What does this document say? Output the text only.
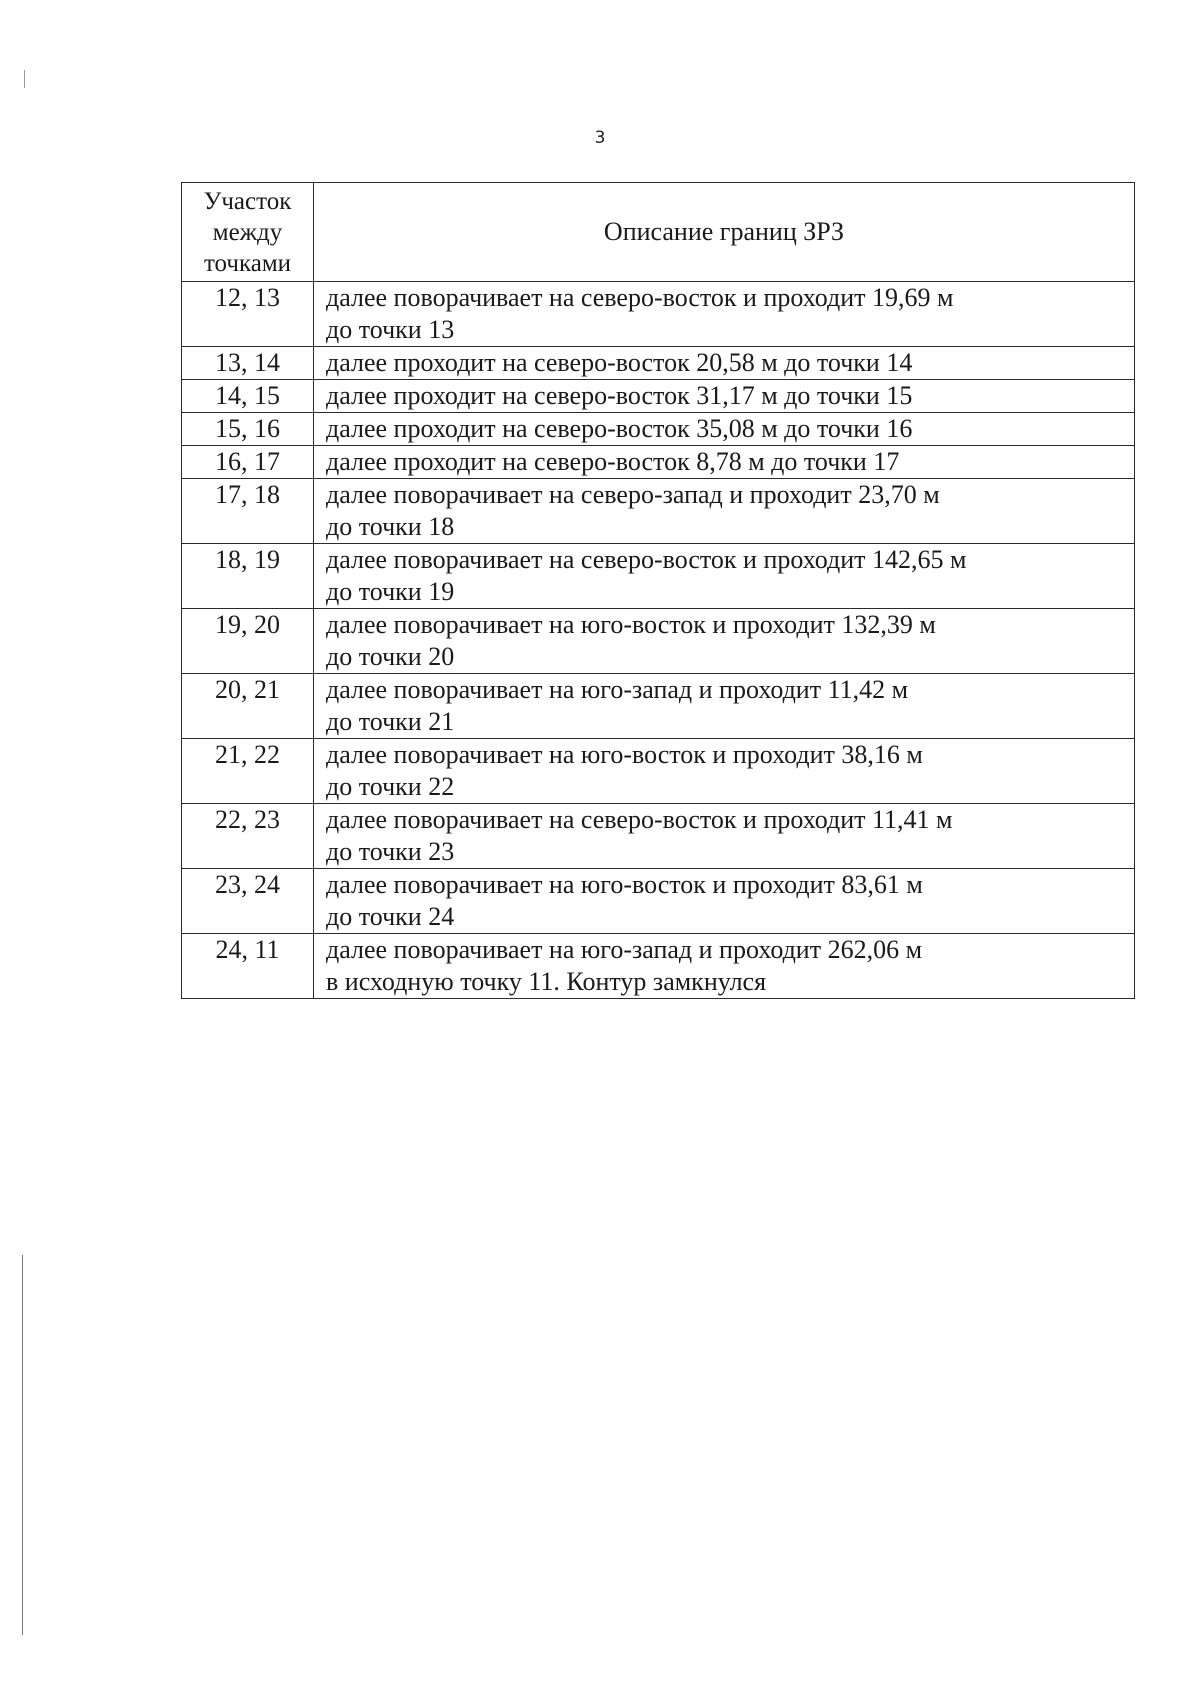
3
Участок
между
точками	Описание границ ЗРЗ
12, 13	далее поворачивает на северо-восток и проходит 19,69 м
до точки 13

13, 14	далее проходит на северо-восток 20,58 м до точки 14

14, 15	далее проходит на северо-восток 31,17 м до точки 15

15, 16	далее проходит на северо-восток 35,08 м до точки 16

16, 17	далее проходит на северо-восток 8,78 м до точки 17

17, 18	далее поворачивает на северо-запад и проходит 23,70 м
до точки 18

18, 19	далее поворачивает на северо-восток и проходит 142,65 м
до точки 19

19, 20	далее поворачивает на юго-восток и проходит 132,39 м
до точки 20

20, 21	далее поворачивает на юго-запад и проходит 11,42 м
до точки 21

21, 22	далее поворачивает на юго-восток и проходит 38,16 м
до точки 22

22, 23	далее поворачивает на северо-восток и проходит 11,41 м
до точки 23

23, 24	далее поворачивает на юго-восток и проходит 83,61 м
до точки 24

24, 11	далее поворачивает на юго-запад и проходит 262,06 м
в исходную точку 11. Контур замкнулся
